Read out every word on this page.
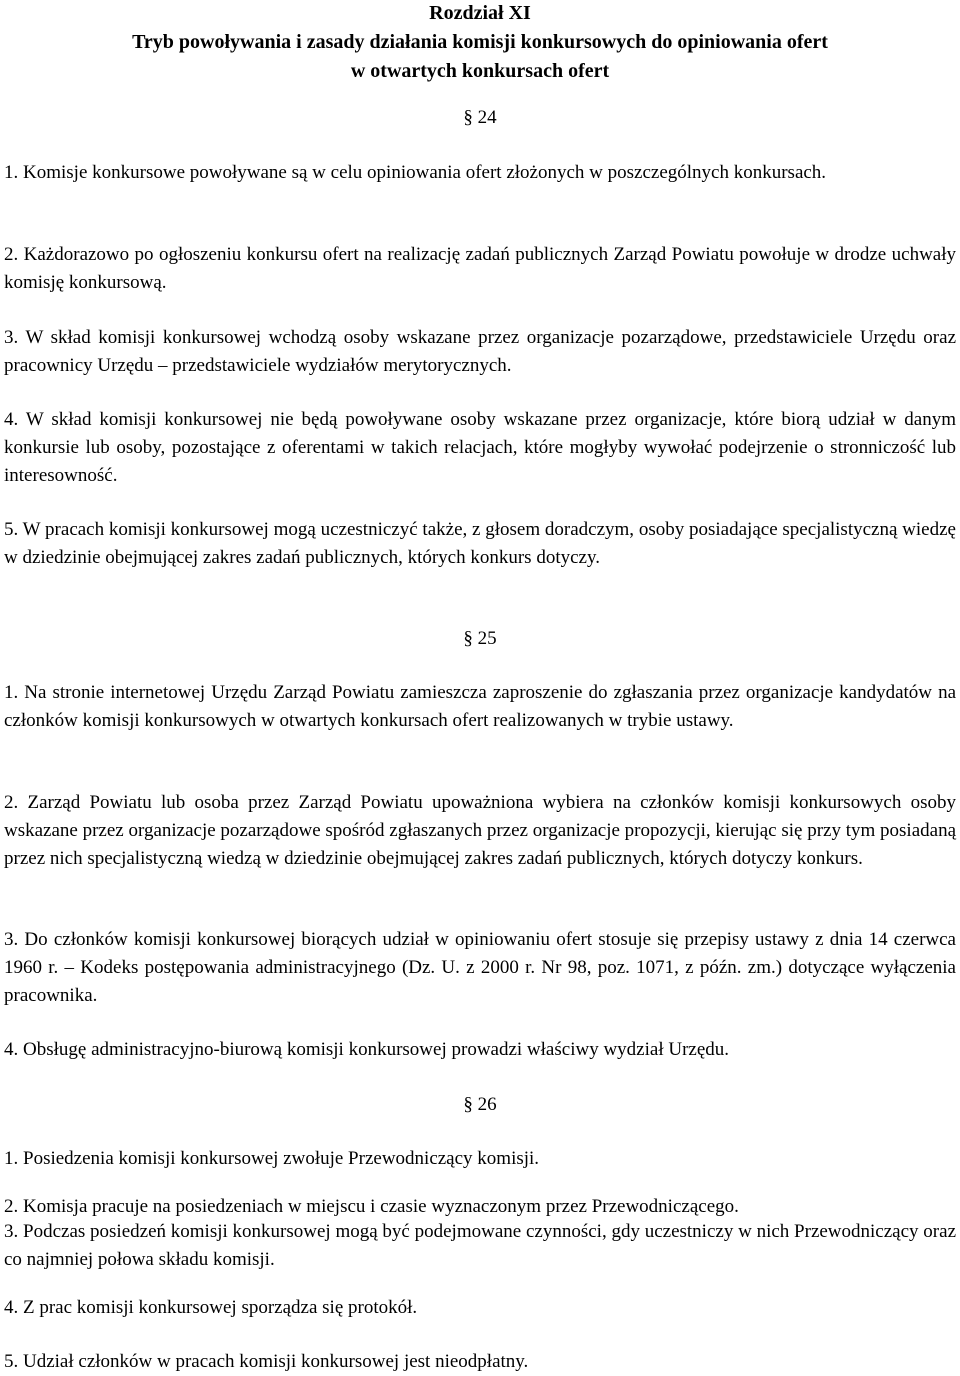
Rozdział XI
Tryb powoływania i zasady działania komisji konkursowych do opiniowania ofert
w otwartych konkursach ofert
§ 24

1. Komisje konkursowe powoływane są w celu opiniowania ofert złożonych w poszczególnych konkursach.

2. Każdorazowo po ogłoszeniu konkursu ofert na realizację zadań publicznych Zarząd Powiatu powołuje w drodze uchwały komisję konkursową.

3. W skład komisji konkursowej wchodzą osoby wskazane przez organizacje pozarządowe, przedstawiciele Urzędu oraz pracownicy Urzędu – przedstawiciele wydziałów merytorycznych.

4. W skład komisji konkursowej nie będą powoływane osoby wskazane przez organizacje, które biorą udział w danym konkursie lub osoby, pozostające z oferentami w takich relacjach, które mogłyby wywołać podejrzenie o stronniczość lub interesowność.

5. W pracach komisji konkursowej mogą uczestniczyć także, z głosem doradczym, osoby posiadające specjalistyczną wiedzę w dziedzinie obejmującej zakres zadań publicznych, których konkurs dotyczy.

§ 25

1. Na stronie internetowej Urzędu Zarząd Powiatu zamieszcza zaproszenie do zgłaszania przez organizacje kandydatów na członków komisji konkursowych w otwartych konkursach ofert realizowanych w trybie ustawy.

2. Zarząd Powiatu lub osoba przez Zarząd Powiatu upoważniona wybiera na członków komisji konkursowych osoby wskazane przez organizacje pozarządowe spośród zgłaszanych przez organizacje propozycji, kierując się przy tym posiadaną przez nich specjalistyczną wiedzą w dziedzinie obejmującej zakres zadań publicznych, których dotyczy konkurs.

3. Do członków komisji konkursowej biorących udział w opiniowaniu ofert stosuje się przepisy ustawy z dnia 14 czerwca 1960 r. – Kodeks postępowania administracyjnego (Dz. U. z 2000 r. Nr 98, poz. 1071, z późn. zm.) dotyczące wyłączenia pracownika.

4. Obsługę administracyjno-biurową komisji konkursowej prowadzi właściwy wydział Urzędu.

§ 26

1. Posiedzenia komisji konkursowej zwołuje Przewodniczący komisji.

2. Komisja pracuje na posiedzeniach w miejscu i czasie wyznaczonym przez Przewodniczącego.

3. Podczas posiedzeń komisji konkursowej mogą być podejmowane czynności, gdy uczestniczy w nich Przewodniczący oraz co najmniej połowa składu komisji.

4. Z prac komisji konkursowej sporządza się protokół.

5. Udział członków w pracach komisji konkursowej jest nieodpłatny.
